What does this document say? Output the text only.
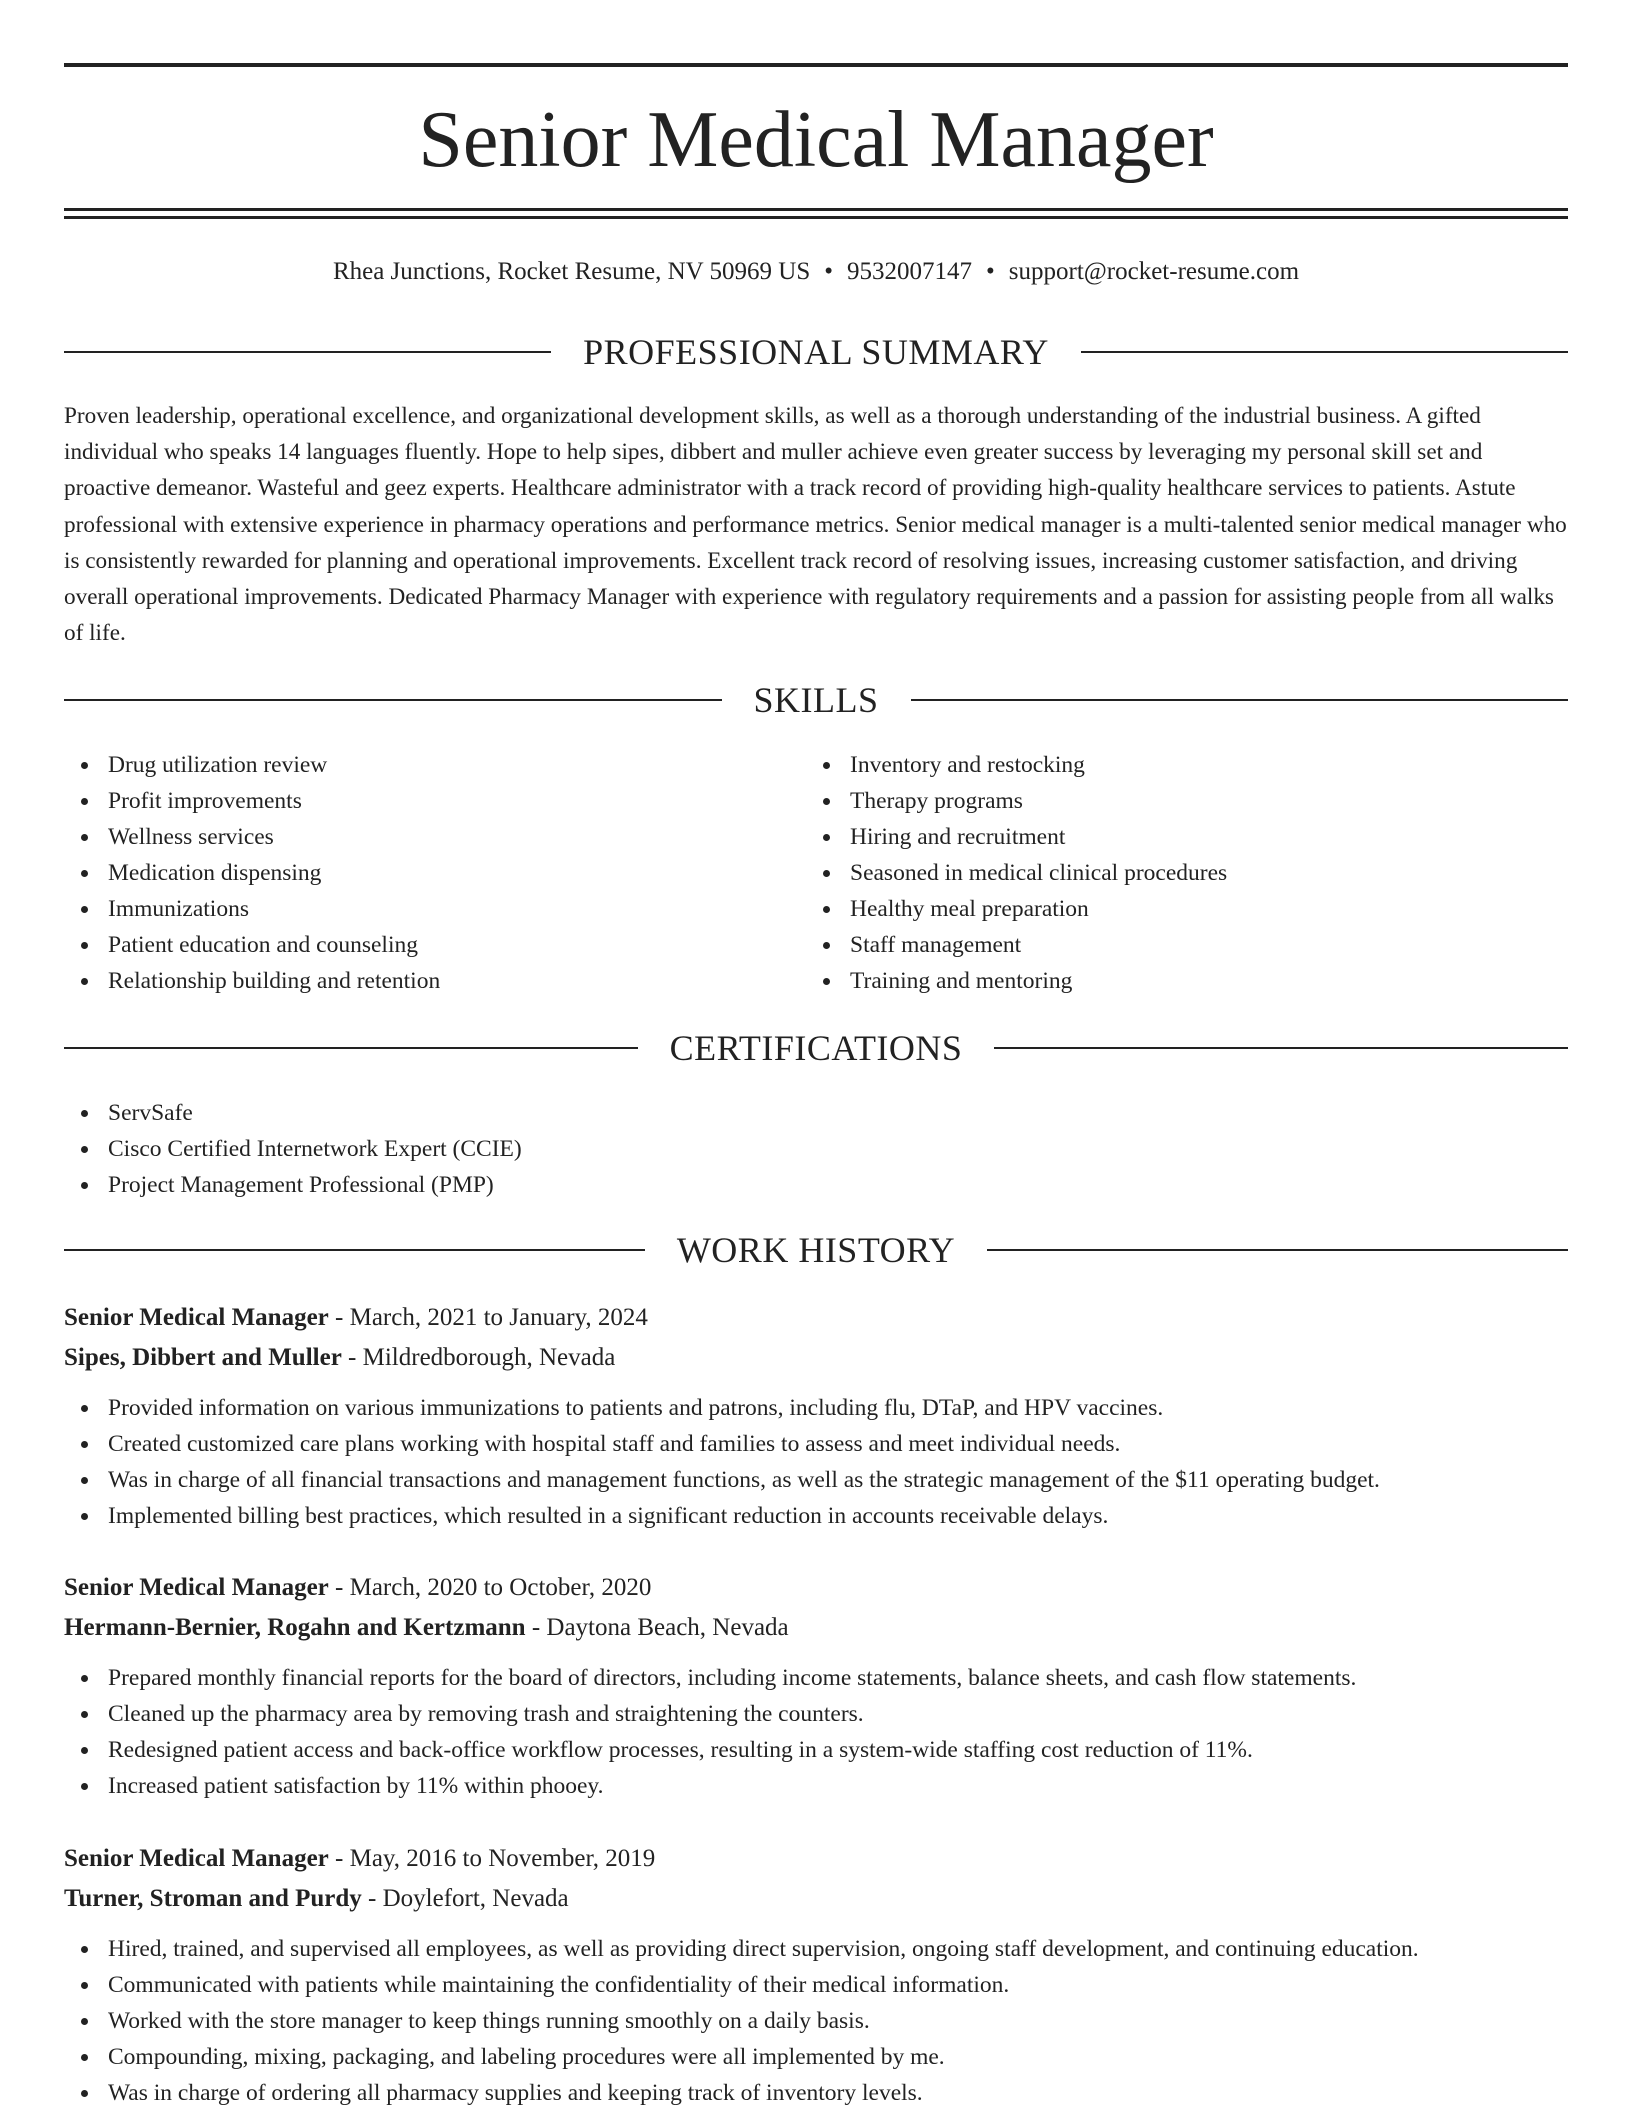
Senior Medical Manager
Rhea Junctions, Rocket Resume, NV 50969 US • 9532007147 • support@rocket-resume.com
PROFESSIONAL SUMMARY

Proven leadership, operational excellence, and organizational development skills, as well as a thorough understanding of the industrial business. A gifted individual who speaks 14 languages fluently. Hope to help sipes, dibbert and muller achieve even greater success by leveraging my personal skill set and proactive demeanor. Wasteful and geez experts. Healthcare administrator with a track record of providing high-quality healthcare services to patients. Astute professional with extensive experience in pharmacy operations and performance metrics. Senior medical manager is a multi-talented senior medical manager who is consistently rewarded for planning and operational improvements. Excellent track record of resolving issues, increasing customer satisfaction, and driving overall operational improvements. Dedicated Pharmacy Manager with experience with regulatory requirements and a passion for assisting people from all walks of life.

SKILLS
Drug utilization review
Profit improvements
Wellness services
Medication dispensing
Immunizations
Patient education and counseling
Relationship building and retention
Inventory and restocking
Therapy programs
Hiring and recruitment
Seasoned in medical clinical procedures
Healthy meal preparation
Staff management
Training and mentoring
CERTIFICATIONS
ServSafe
Cisco Certified Internetwork Expert (CCIE)
Project Management Professional (PMP)
WORK HISTORY
Senior Medical Manager - March, 2021 to January, 2024
Sipes, Dibbert and Muller - Mildredborough, Nevada
Provided information on various immunizations to patients and patrons, including flu, DTaP, and HPV vaccines.
Created customized care plans working with hospital staff and families to assess and meet individual needs.
Was in charge of all financial transactions and management functions, as well as the strategic management of the $11 operating budget.
Implemented billing best practices, which resulted in a significant reduction in accounts receivable delays.
Senior Medical Manager - March, 2020 to October, 2020
Hermann-Bernier, Rogahn and Kertzmann - Daytona Beach, Nevada
Prepared monthly financial reports for the board of directors, including income statements, balance sheets, and cash flow statements.
Cleaned up the pharmacy area by removing trash and straightening the counters.
Redesigned patient access and back-office workflow processes, resulting in a system-wide staffing cost reduction of 11%.
Increased patient satisfaction by 11% within phooey.
Senior Medical Manager - May, 2016 to November, 2019
Turner, Stroman and Purdy - Doylefort, Nevada
Hired, trained, and supervised all employees, as well as providing direct supervision, ongoing staff development, and continuing education.
Communicated with patients while maintaining the confidentiality of their medical information.
Worked with the store manager to keep things running smoothly on a daily basis.
Compounding, mixing, packaging, and labeling procedures were all implemented by me.
Was in charge of ordering all pharmacy supplies and keeping track of inventory levels.
